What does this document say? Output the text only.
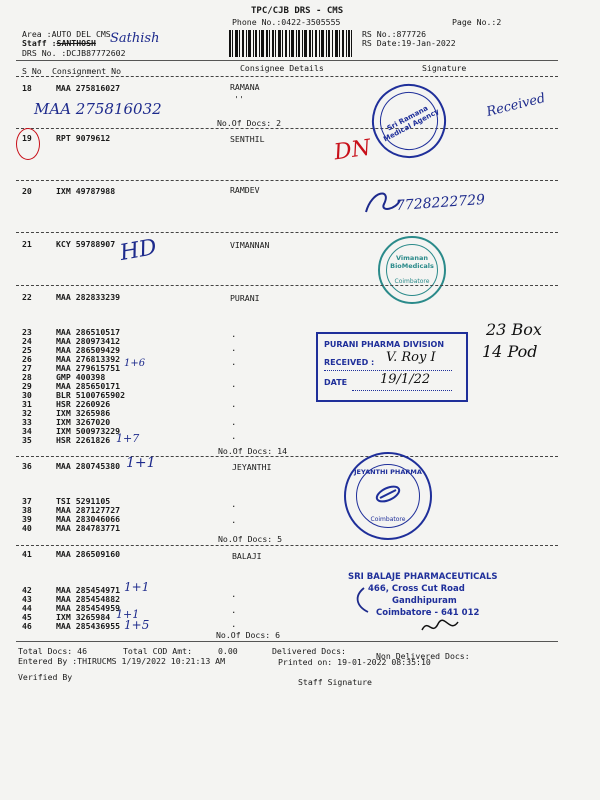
TPC/CJB DRS - CMS
Phone No.:0422-3505555	Page No.:2
Area :AUTO DEL CMS
Staff :SANTHOSH Sathish
DRS No. :DCJB87772602
RS No.:877726
RS Date:19-Jan-2022
S No Consignment No	Consignee Details	Signature
18	MAA 275816027	RAMANA
''
MAA 275816032
No.Of Docs: 2	Sri Ramana Medical Agency
Received
19	RPT 9079612	SENTHIL	DN
20	IXM 49787988	RAMDEV
7728222729
21	KCY 59788907	VIMANNAN
HD	Vimanan BioMedicals
Coimbatore
22	MAA 282833239	PURANI
23	MAA 286510517
24	MAA 280973412
25	MAA 286509429
26	MAA 276813392
27	MAA 279615751
28	GMP 400398
29	MAA 285650171
30	BLR 5100765902
31	HSR 2260926
32	IXM 3265986
33	IXM 3267020
34	IXM 500973229
35	HSR 2261826
1+6
1+7
.
.
.
.
.
.
.
PURANI PHARMA DIVISION
RECEIVED :
DATE
V. Roy I
19/1/22
23 Box
14 Pod
No.Of Docs: 14
36	MAA 280745380 1+1	JEYANTHI
37	TSI 5291105
38	MAA 287127727
39	MAA 283046066
40	MAA 284783771
.
.
JEYANTHI PHARMA
Coimbatore
No.Of Docs: 5
41	MAA 286509160	BALAJI
42	MAA 285454971
43	MAA 285454882
44	MAA 285454959
45	IXM 3265984
46	MAA 285436955
1+1
1+1
1+5
.
.
.
SRI BALAJE PHARMACEUTICALS
466, Cross Cut Road
Gandhipuram
Coimbatore - 641 012
No.Of Docs: 6
Total Docs: 46	Total COD Amt:	0.00	Delivered Docs:	Non Delivered Docs:
Entered By :THIRUCMS 1/19/2022 10:21:13 AM	Printed on: 19-01-2022 08:35:10
Verified By	Staff Signature
